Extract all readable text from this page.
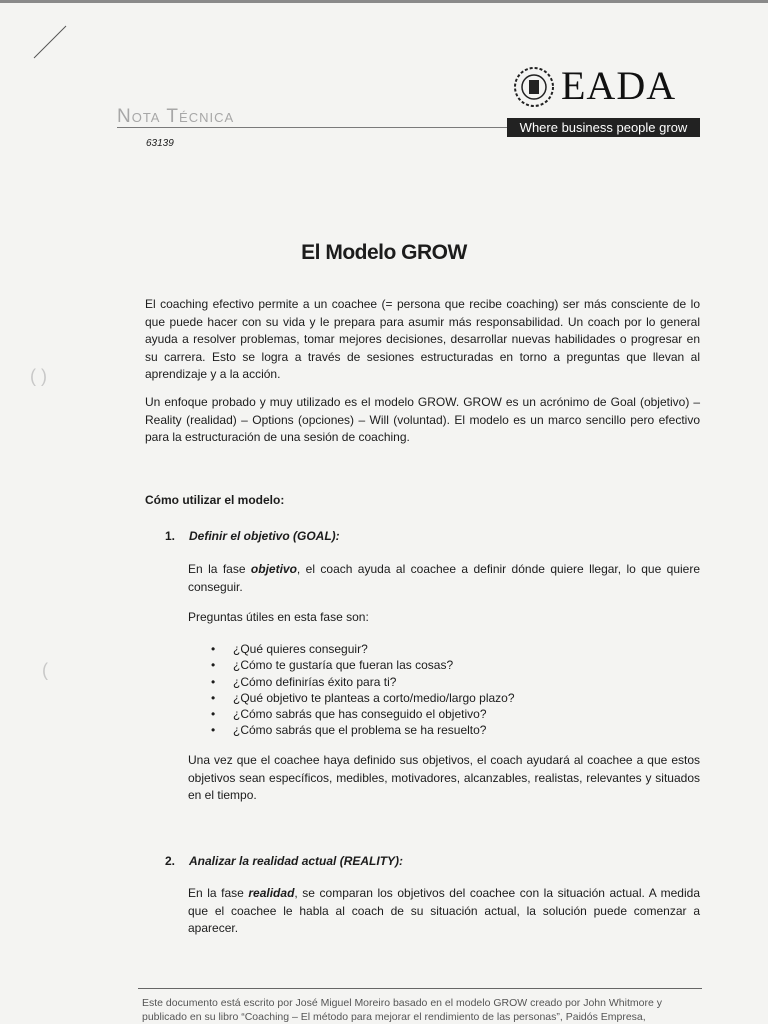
Nota Técnica
63139
EADA
Where business people grow
El Modelo GROW

El coaching efectivo permite a un coachee (= persona que recibe coaching) ser más consciente de lo que puede hacer con su vida y le prepara para asumir más responsabilidad. Un coach por lo general ayuda a resolver problemas, tomar mejores decisiones, desarrollar nuevas habilidades o progresar en su carrera. Esto se logra a través de sesiones estructuradas en torno a preguntas que llevan al aprendizaje y a la acción.

Un enfoque probado y muy utilizado es el modelo GROW. GROW es un acrónimo de Goal (objetivo) – Reality (realidad) – Options (opciones) – Will (voluntad). El modelo es un marco sencillo pero efectivo para la estructuración de una sesión de coaching.

Cómo utilizar el modelo:
1. Definir el objetivo (GOAL):

En la fase objetivo, el coach ayuda al coachee a definir dónde quiere llegar, lo que quiere conseguir.

Preguntas útiles en esta fase son:

• ¿Qué quieres conseguir?
• ¿Cómo te gustaría que fueran las cosas?
• ¿Cómo definirías éxito para ti?
• ¿Qué objetivo te planteas a corto/medio/largo plazo?
• ¿Cómo sabrás que has conseguido el objetivo?
• ¿Cómo sabrás que el problema se ha resuelto?

Una vez que el coachee haya definido sus objetivos, el coach ayudará al coachee a que estos objetivos sean específicos, medibles, motivadores, alcanzables, realistas, relevantes y situados en el tiempo.

2. Analizar la realidad actual (REALITY):

En la fase realidad, se comparan los objetivos del coachee con la situación actual. A medida que el coachee le habla al coach de su situación actual, la solución puede comenzar a aparecer.

( )
(
Este documento está escrito por José Miguel Moreiro basado en el modelo GROW creado por John Whitmore y publicado en su libro “Coaching – El método para mejorar el rendimiento de las personas”, Paidós Empresa,
